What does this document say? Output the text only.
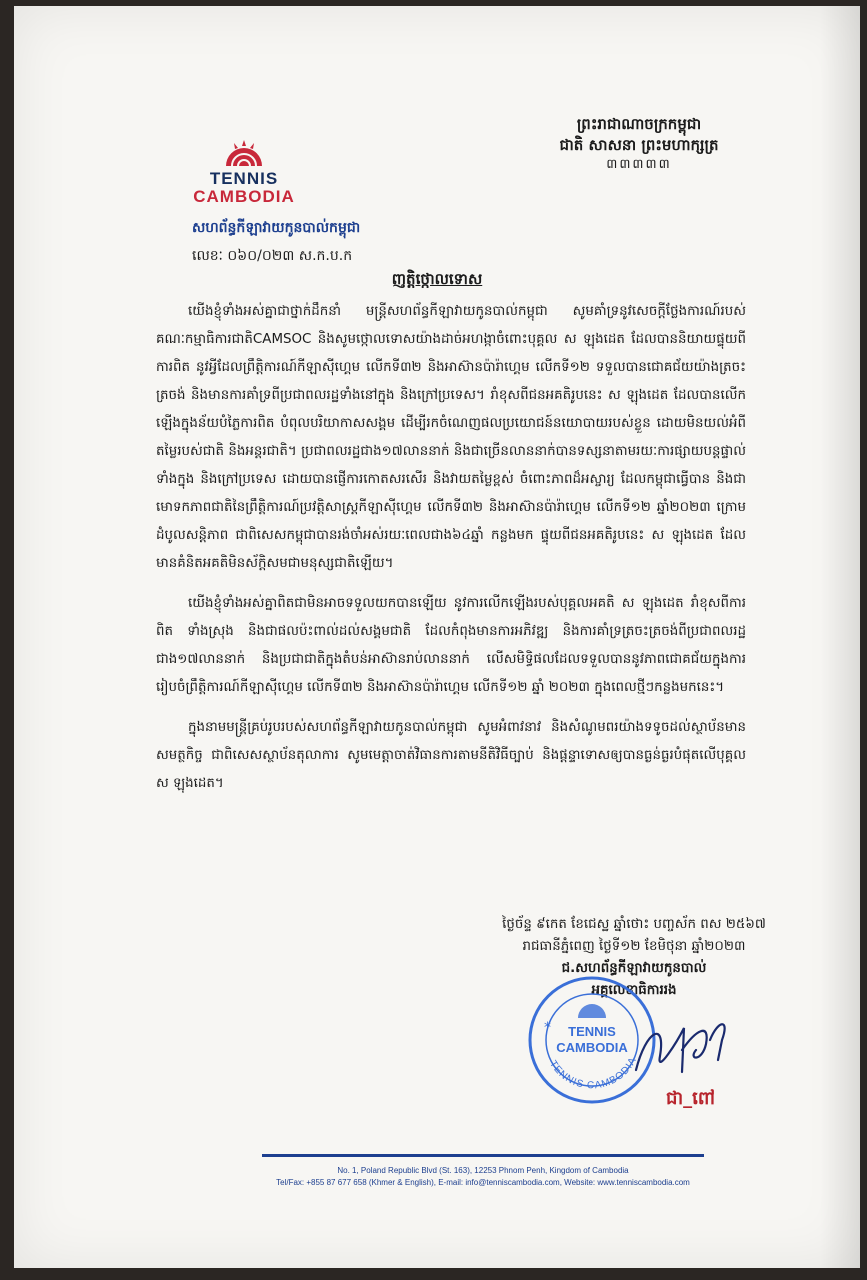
TENNIS
CAMBODIA
សហព័ន្ធកីឡាវាយកូនបាល់កម្ពុជា
លេខៈ ០៦០/០២៣ ស.ក.ប.ក
ព្រះរាជាណាចក្រកម្ពុជា
ជាតិ សាសនា ព្រះមហាក្សត្រ
៣៣៣៣៣
ញត្តិថ្កោលទោស

យើងខ្ញុំទាំងអស់គ្នាជាថ្នាក់ដឹកនាំ មន្ត្រីសហព័ន្ធកីឡាវាយកូនបាល់កម្ពុជា សូមគាំទ្រនូវសេចក្តីថ្លែងការណ៍របស់ គណៈកម្មាធិការជាតិCAMSOC និងសូមថ្កោលទោសយ៉ាងដាច់អហង្កាចំពោះបុគ្គល ស ឡុងដេត ដែលបាននិយាយផ្ទុយពីការពិត នូវអ្វីដែលព្រឹត្តិការណ៍កីឡាស៊ីហ្គេម លើកទី៣២ និងអាស៊ានប៉ារ៉ាហ្គេម លើកទី១២ ទទួលបានជោគជ័យយ៉ាងត្រចះត្រចង់ និងមានការគាំទ្រពីប្រជាពលរដ្ឋទាំងនៅក្នុង និងក្រៅប្រទេស។ រាំខុសពីជនអគតិរូបនេះ ស ឡុងដេត ដែលបានលើកឡើងក្នុងន័យបំភ្លៃការពិត បំពុលបរិយាកាសសង្គម ដើម្បីរកចំណេញផលប្រយោជន៍នយោបាយរបស់ខ្លួន ដោយមិនយល់អំពីតម្លៃរបស់ជាតិ និងអន្តរជាតិ។ ប្រជាពលរដ្ឋជាង១៧លាននាក់ និងជាច្រើនលាននាក់បានទស្សនាតាមរយៈការផ្សាយបន្តផ្ទាល់ទាំងក្នុង និងក្រៅប្រទេស ដោយបានផ្ញើការកោតសរសើរ និងវាយតម្លៃខ្ពស់ ចំពោះភាពដ៏អស្ចារ្យ ដែលកម្ពុជាធ្វើបាន និងជាមោទកភាពជាតិនៃព្រឹត្តិការណ៍ប្រវត្តិសាស្ត្រកីឡាស៊ីហ្គេម លើកទី៣២ និងអាស៊ានប៉ារ៉ាហ្គេម លើកទី១២ ឆ្នាំ២០២៣ ក្រោមដំបូលសន្តិភាព ជាពិសេសកម្ពុជាបានរង់ចាំអស់រយៈពេលជាង៦៤ឆ្នាំ កន្លងមក ផ្ទុយពីជនអគតិរូបនេះ ស ឡុងដេត ដែលមានគំនិតអគតិមិនស័ក្តិសមជាមនុស្សជាតិឡើយ។

យើងខ្ញុំទាំងអស់គ្នាពិតជាមិនអាចទទួលយកបានឡើយ នូវការលើកឡើងរបស់បុគ្គលអគតិ ស ឡុងដេត រាំខុសពីការពិត ទាំងស្រុង និងជាផលប៉ះពាល់ដល់សង្គមជាតិ ដែលកំពុងមានការអភិវឌ្ឍ និងការគាំទ្រត្រចះត្រចង់ពីប្រជាពលរដ្ឋជាង១៧លាននាក់ និងប្រជាជាតិក្នុងតំបន់អាស៊ានរាប់លាននាក់ លើសមិទ្ធិផលដែលទទួលបាននូវភាពជោគជ័យក្នុងការរៀបចំព្រឹត្តិការណ៍កីឡាស៊ីហ្គេម លើកទី៣២ និងអាស៊ានប៉ារ៉ាហ្គេម លើកទី១២ ឆ្នាំ ២០២៣ ក្នុងពេលថ្មីៗកន្លងមកនេះ។

ក្នុងនាមមន្ត្រីគ្រប់រូបរបស់សហព័ន្ធកីឡាវាយកូនបាល់កម្ពុជា សូមអំពាវនាវ និងសំណូមពរយ៉ាងទទូចដល់ស្ថាប័នមានសមត្ថកិច្ច ជាពិសេសស្ថាប័នតុលាការ សូមមេត្តាចាត់វិធានការតាមនីតិវិធីច្បាប់ និងផ្តន្ទាទោសឲ្យបានធ្ងន់ធ្ងរបំផុតលើបុគ្គល ស ឡុងដេត។

ថ្ងៃច័ន្ទ ៩កេត ខែជេស្ឋ ឆ្នាំថោះ បញ្ចស័ក ពស ២៥៦៧
រាជធានីភ្នំពេញ ថ្ងៃទី១២ ខែមិថុនា ឆ្នាំ២០២៣
ជ.សហព័ន្ធកីឡាវាយកូនបាល់
អគ្គលេខាធិការរង
TENNIS
CAMBODIA
TENNIS CAMBODIA
*
ជា_ពៅ
No. 1, Poland Republic Blvd (St. 163), 12253 Phnom Penh, Kingdom of Cambodia
Tel/Fax: +855 87 677 658 (Khmer & English), E-mail: info@tenniscambodia.com, Website: www.tenniscambodia.com
